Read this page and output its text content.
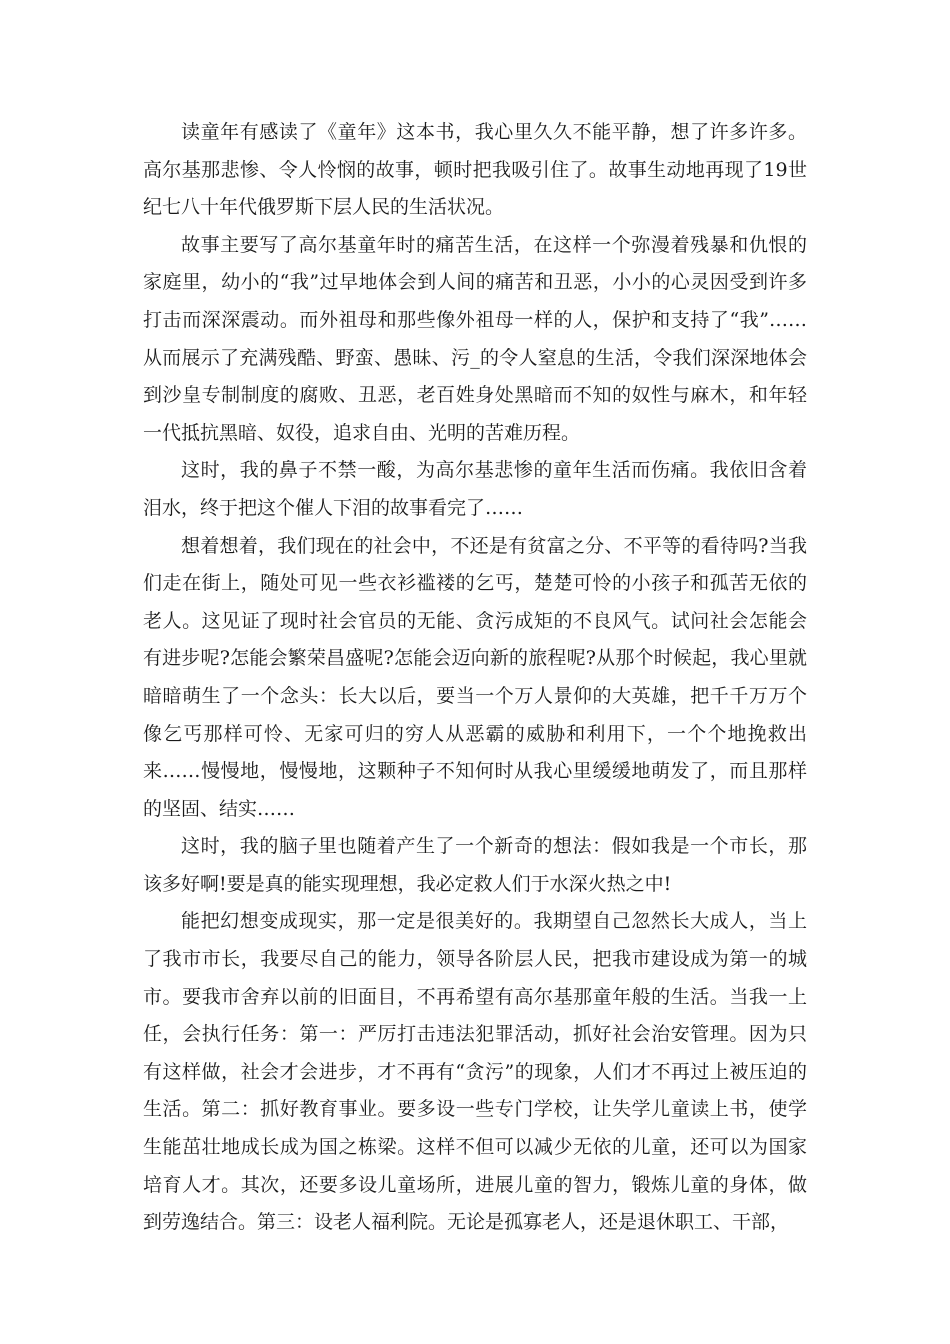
读童年有感读了《童年》这本书，我心里久久不能平静，想了许多许多。高尔基那悲惨、令人怜悯的故事，顿时把我吸引住了。故事生动地再现了19世纪七八十年代俄罗斯下层人民的生活状况。

故事主要写了高尔基童年时的痛苦生活，在这样一个弥漫着残暴和仇恨的家庭里，幼小的“我”过早地体会到人间的痛苦和丑恶，小小的心灵因受到许多打击而深深震动。而外祖母和那些像外祖母一样的人，保护和支持了“我”……从而展示了充满残酷、野蛮、愚昧、污_的令人窒息的生活，令我们深深地体会到沙皇专制制度的腐败、丑恶，老百姓身处黑暗而不知的奴性与麻木，和年轻一代抵抗黑暗、奴役，追求自由、光明的苦难历程。

这时，我的鼻子不禁一酸，为高尔基悲惨的童年生活而伤痛。我依旧含着泪水，终于把这个催人下泪的故事看完了……

想着想着，我们现在的社会中，不还是有贫富之分、不平等的看待吗?当我们走在街上，随处可见一些衣衫褴褛的乞丐，楚楚可怜的小孩子和孤苦无依的老人。这见证了现时社会官员的无能、贪污成矩的不良风气。试问社会怎能会有进步呢?怎能会繁荣昌盛呢?怎能会迈向新的旅程呢?从那个时候起，我心里就暗暗萌生了一个念头：长大以后，要当一个万人景仰的大英雄，把千千万万个像乞丐那样可怜、无家可归的穷人从恶霸的威胁和利用下，一个个地挽救出来……慢慢地，慢慢地，这颗种子不知何时从我心里缓缓地萌发了，而且那样的坚固、结实……

这时，我的脑子里也随着产生了一个新奇的想法：假如我是一个市长，那该多好啊!要是真的能实现理想，我必定救人们于水深火热之中!

能把幻想变成现实，那一定是很美好的。我期望自己忽然长大成人，当上了我市市长，我要尽自己的能力，领导各阶层人民，把我市建设成为第一的城市。要我市舍弃以前的旧面目，不再希望有高尔基那童年般的生活。当我一上任，会执行任务：第一：严厉打击违法犯罪活动，抓好社会治安管理。因为只有这样做，社会才会进步，才不再有“贪污”的现象，人们才不再过上被压迫的生活。第二：抓好教育事业。要多设一些专门学校，让失学儿童读上书，使学生能茁壮地成长成为国之栋梁。这样不但可以减少无依的儿童，还可以为国家培育人才。其次，还要多设儿童场所，进展儿童的智力，锻炼儿童的身体，做到劳逸结合。第三：设老人福利院。无论是孤寡老人，还是退休职工、干部，
